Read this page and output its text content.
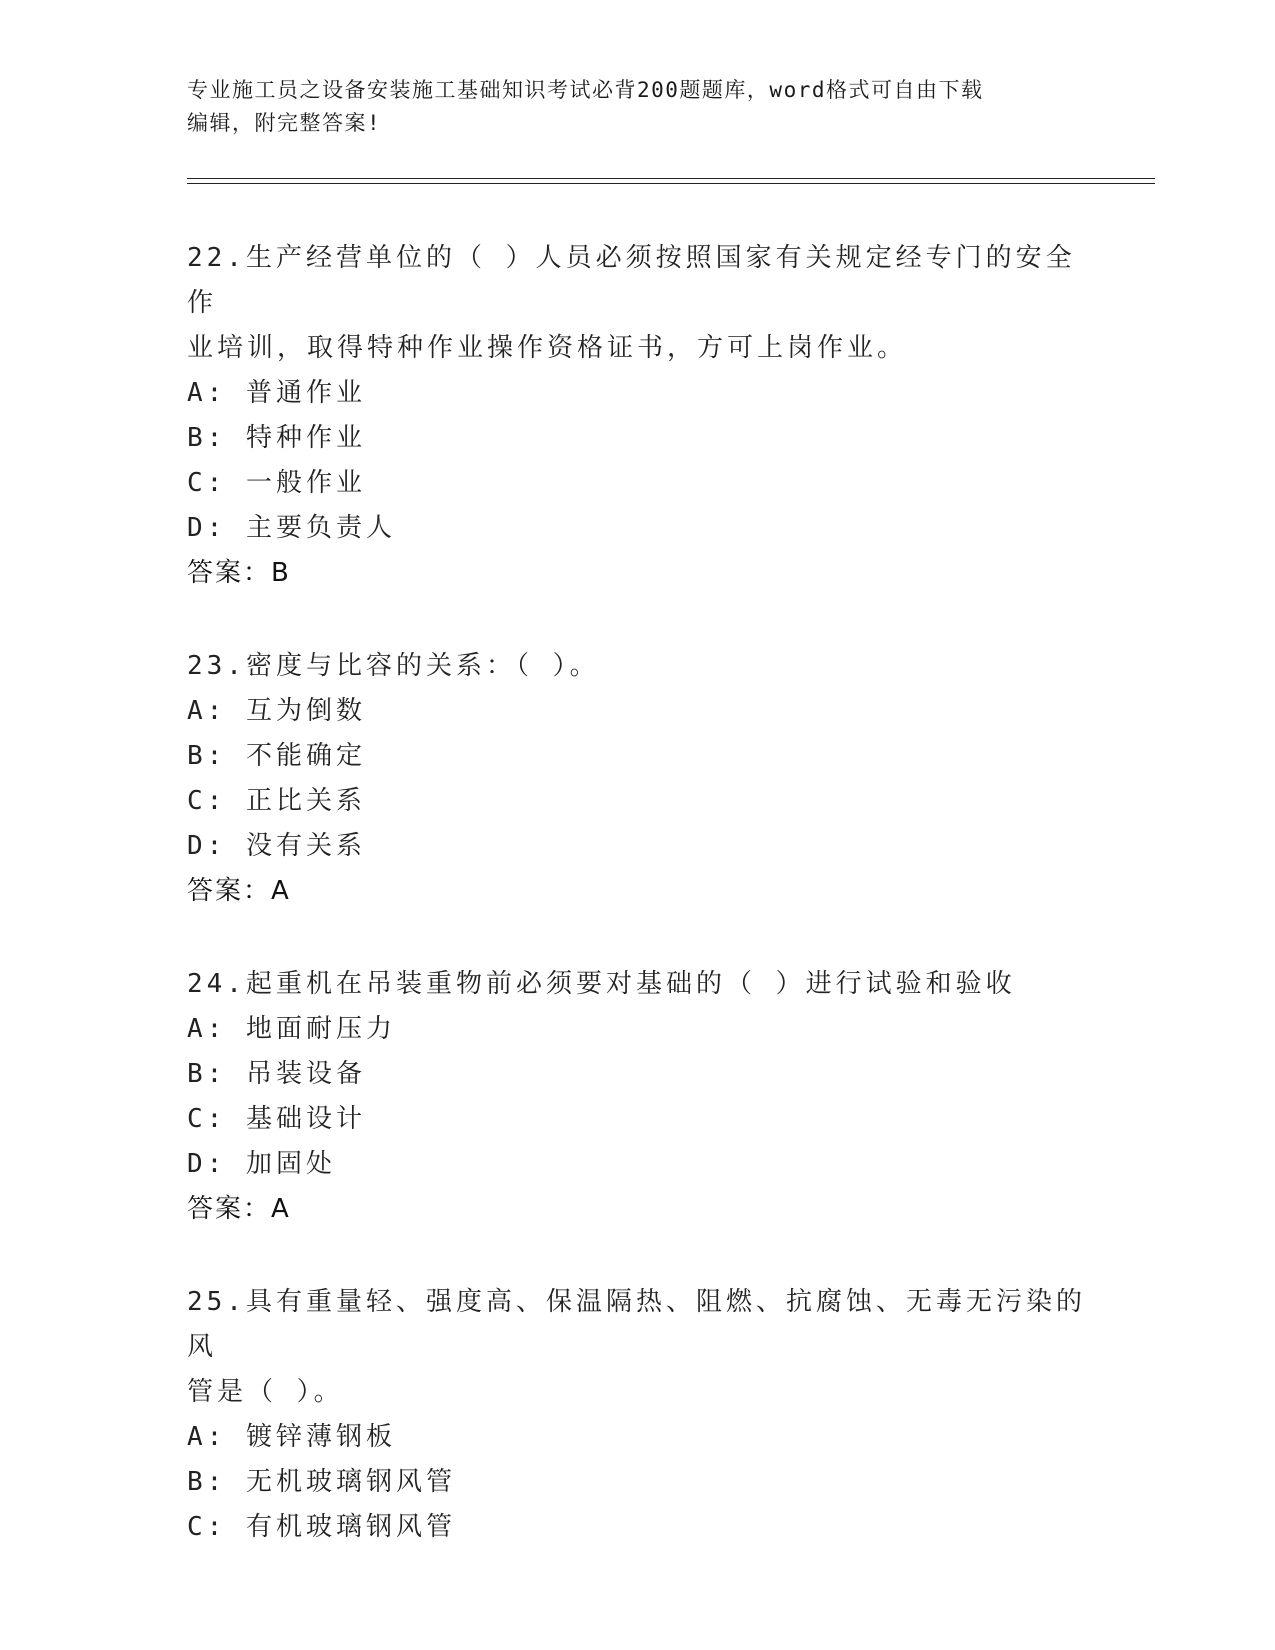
专业施工员之设备安装施工基础知识考试必背200题题库，word格式可自由下载
编辑，附完整答案!
22.生产经营单位的（ ）人员必须按照国家有关规定经专门的安全作
业培训，取得特种作业操作资格证书，方可上岗作业。
A: 普通作业
B: 特种作业
C: 一般作业
D: 主要负责人
答案：B
23.密度与比容的关系：（ ）。
A: 互为倒数
B: 不能确定
C: 正比关系
D: 没有关系
答案：A
24.起重机在吊装重物前必须要对基础的（ ）进行试验和验收
A: 地面耐压力
B: 吊装设备
C: 基础设计
D: 加固处
答案：A
25.具有重量轻、强度高、保温隔热、阻燃、抗腐蚀、无毒无污染的风
管是（ ）。
A: 镀锌薄钢板
B: 无机玻璃钢风管
C: 有机玻璃钢风管
